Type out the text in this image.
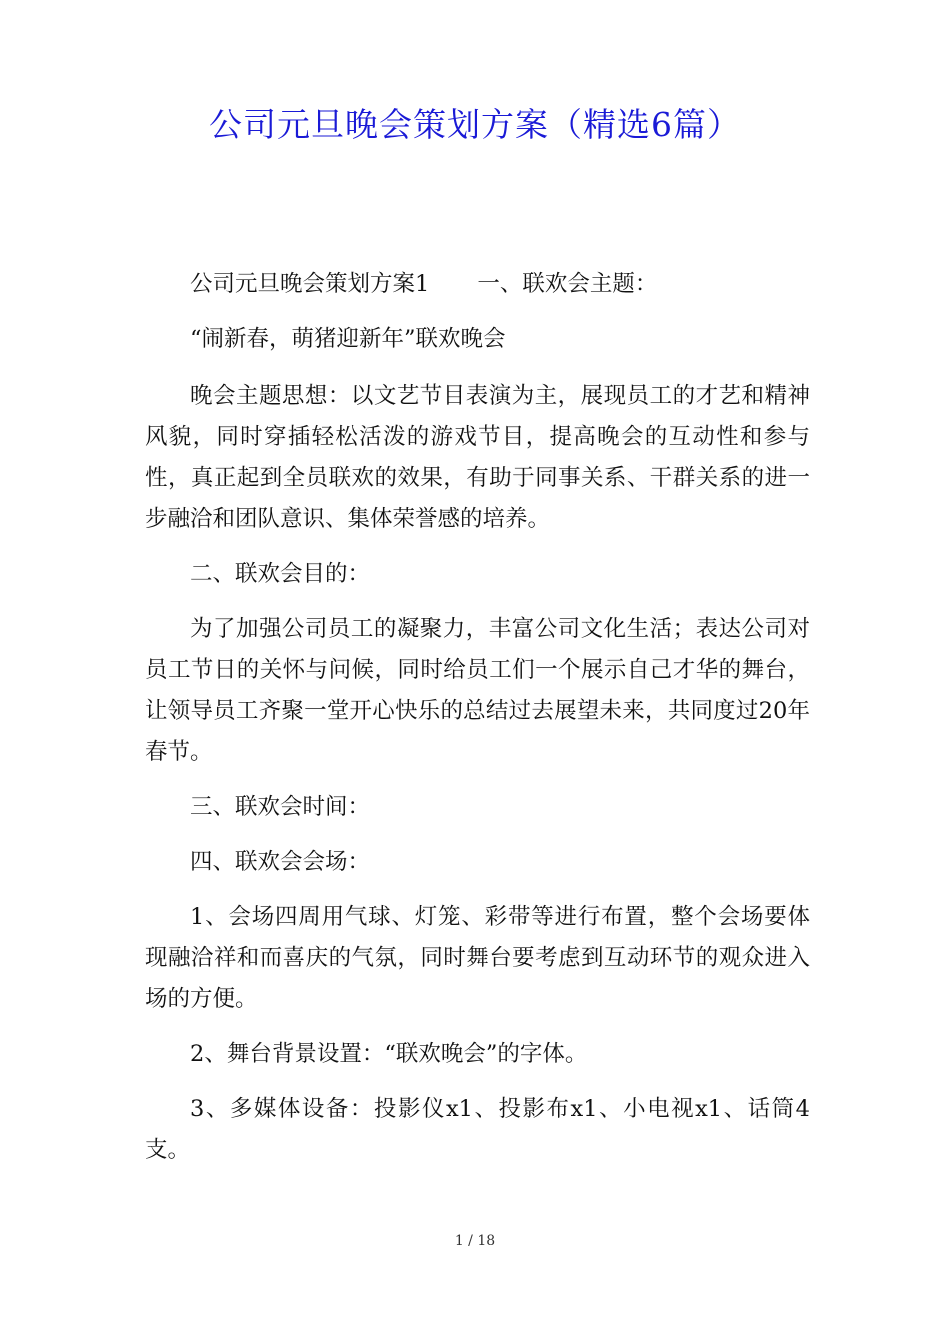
公司元旦晚会策划方案（精选6篇）

公司元旦晚会策划方案1 一、联欢会主题：

“闹新春，萌猪迎新年”联欢晚会

晚会主题思想：以文艺节目表演为主，展现员工的才艺和精神风貌，同时穿插轻松活泼的游戏节目，提高晚会的互动性和参与性，真正起到全员联欢的效果，有助于同事关系、干群关系的进一步融洽和团队意识、集体荣誉感的培养。

二、联欢会目的：

为了加强公司员工的凝聚力，丰富公司文化生活；表达公司对员工节日的关怀与问候，同时给员工们一个展示自己才华的舞台，让领导员工齐聚一堂开心快乐的总结过去展望未来，共同度过20年春节。

三、联欢会时间：

四、联欢会会场：

1、会场四周用气球、灯笼、彩带等进行布置，整个会场要体现融洽祥和而喜庆的气氛，同时舞台要考虑到互动环节的观众进入场的方便。

2、舞台背景设置：“联欢晚会”的字体。

3、多媒体设备：投影仪x1、投影布x1、小电视x1、话筒4支。

1 / 18
